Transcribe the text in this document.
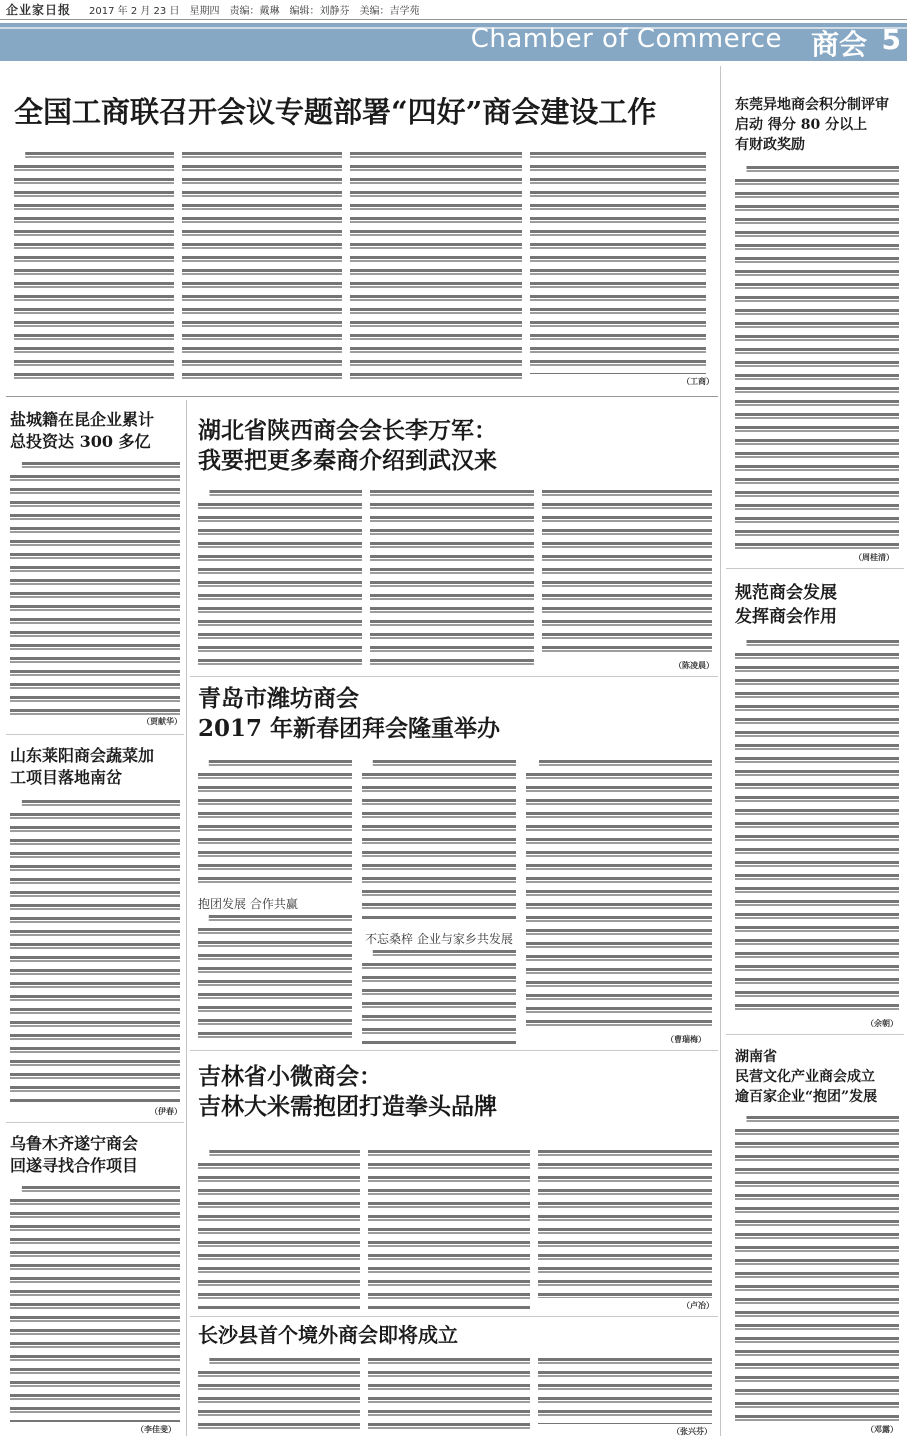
企业家日报 2017 年 2 月 23 日 星期四 责编：戴琳 编辑：刘静芬 美编：吉学苑
Chamber of Commerce 商会 5
全国工商联召开会议专题部署“四好”商会建设工作
（工商）
湖北省陕西商会会长李万军：
我要把更多秦商介绍到武汉来
（陈凌晨）
青岛市潍坊商会
2017 年新春团拜会隆重举办
抱团发展 合作共赢
不忘桑梓 企业与家乡共发展
（曹瑞梅）
吉林省小微商会：
吉林大米需抱团打造拳头品牌
（卢冶）
长沙县首个境外商会即将成立
（张兴芬）
盐城籍在昆企业累计
总投资达 300 多亿
（贾献华）
山东莱阳商会蔬菜加
工项目落地南岔
（伊春）
乌鲁木齐遂宁商会
回遂寻找合作项目
（李佳斐）
东莞异地商会积分制评审
启动 得分 80 分以上
有财政奖励
（周桂清）
规范商会发展
发挥商会作用
（余朝）
湖南省
民营文化产业商会成立
逾百家企业“抱团”发展
（邓露）
